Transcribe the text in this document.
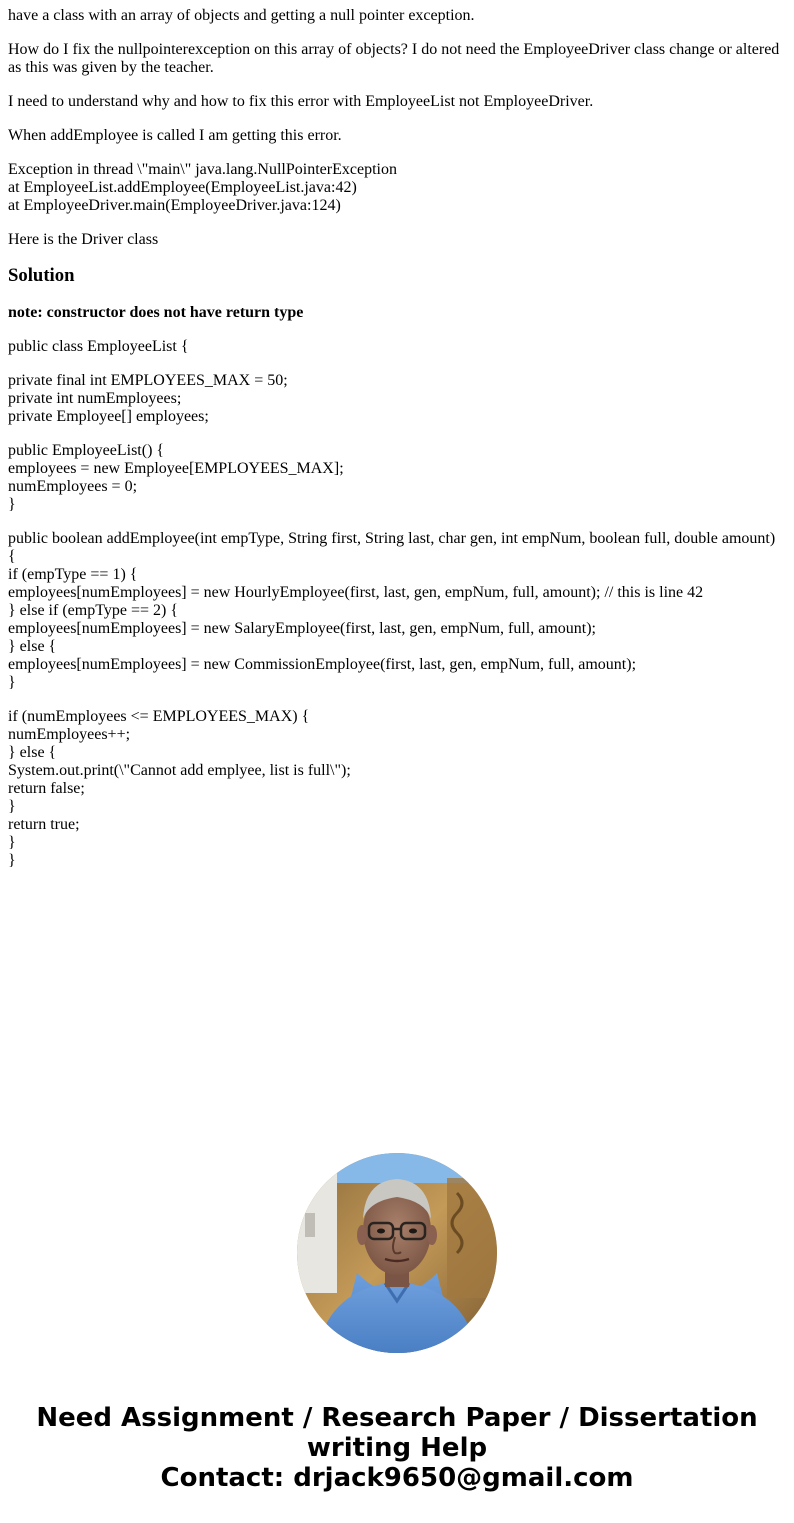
have a class with an array of objects and getting a null pointer exception.

How do I fix the nullpointerexception on this array of objects? I do not need the EmployeeDriver class change or altered as this was given by the teacher.

I need to understand why and how to fix this error with EmployeeList not EmployeeDriver.

When addEmployee is called I am getting this error.

Exception in thread \"main\" java.lang.NullPointerException
at EmployeeList.addEmployee(EmployeeList.java:42)
at EmployeeDriver.main(EmployeeDriver.java:124)

Here is the Driver class

Solution

note: constructor does not have return type

public class EmployeeList {

private final int EMPLOYEES_MAX = 50;
private int numEmployees;
private Employee[] employees;

public EmployeeList() {
employees = new Employee[EMPLOYEES_MAX];
numEmployees = 0;
}

public boolean addEmployee(int empType, String first, String last, char gen, int empNum, boolean full, double amount)
{
if (empType == 1) {
employees[numEmployees] = new HourlyEmployee(first, last, gen, empNum, full, amount); // this is line 42
} else if (empType == 2) {
employees[numEmployees] = new SalaryEmployee(first, last, gen, empNum, full, amount);
} else {
employees[numEmployees] = new CommissionEmployee(first, last, gen, empNum, full, amount);
}

if (numEmployees <= EMPLOYEES_MAX) {
numEmployees++;
} else {
System.out.print(\"Cannot add emplyee, list is full\");
return false;
}
return true;
}
}

Need Assignment / Research Paper / Dissertation
writing Help
Contact: drjack9650@gmail.com
